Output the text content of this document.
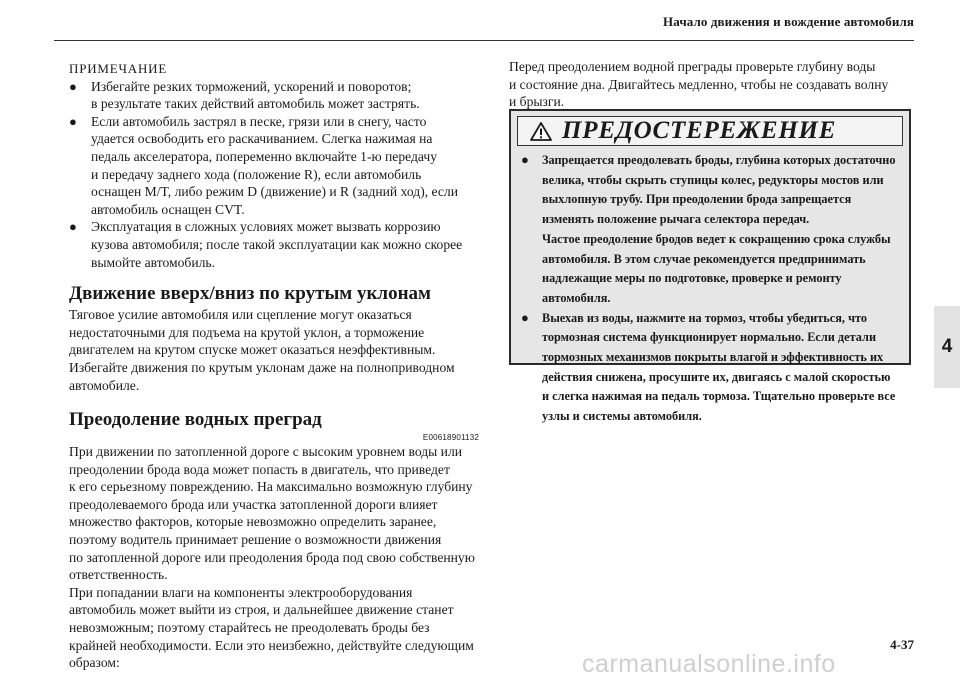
Начало движения и вождение автомобиля
4
ПРИМЕЧАНИЕ
● Избегайте резких торможений, ускорений и поворотов;
в результате таких действий автомобиль может застрять.
● Если автомобиль застрял в песке, грязи или в снегу, часто
удается освободить его раскачиванием. Слегка нажимая на
педаль акселератора, попеременно включайте 1-ю передачу
и передачу заднего хода (положение R), если автомобиль
оснащен M/T, либо режим D (движение) и R (задний ход), если
автомобиль оснащен CVT.
● Эксплуатация в сложных условиях может вызвать коррозию
кузова автомобиля; после такой эксплуатации как можно скорее
вымойте автомобиль.
Движение вверх/вниз по крутым уклонам
Тяговое усилие автомобиля или сцепление могут оказаться
недостаточными для подъема на крутой уклон, а торможение
двигателем на крутом спуске может оказаться неэффективным.
Избегайте движения по крутым уклонам даже на полноприводном
автомобиле.
Преодоление водных преград
E00618901132
При движении по затопленной дороге с высоким уровнем воды или
преодолении брода вода может попасть в двигатель, что приведет
к его серьезному повреждению. На максимально возможную глубину
преодолеваемого брода или участка затопленной дороги влияет
множество факторов, которые невозможно определить заранее,
поэтому водитель принимает решение о возможности движения
по затопленной дороге или преодоления брода под свою собственную
ответственность.
При попадании влаги на компоненты электрооборудования
автомобиль может выйти из строя, и дальнейшее движение станет
невозможным; поэтому старайтесь не преодолевать броды без
крайней необходимости. Если это неизбежно, действуйте следующим
образом:
Перед преодолением водной преграды проверьте глубину воды
и состояние дна. Двигайтесь медленно, чтобы не создавать волну
и брызги.
ПРЕДОСТЕРЕЖЕНИЕ
● Запрещается преодолевать броды, глубина которых достаточно
велика, чтобы скрыть ступицы колес, редукторы мостов или
выхлопную трубу. При преодолении брода запрещается
изменять положение рычага селектора передач.
Частое преодоление бродов ведет к сокращению срока службы
автомобиля. В этом случае рекомендуется предпринимать
надлежащие меры по подготовке, проверке и ремонту
автомобиля.
● Выехав из воды, нажмите на тормоз, чтобы убедиться, что
тормозная система функционирует нормально. Если детали
тормозных механизмов покрыты влагой и эффективность их
действия снижена, просушите их, двигаясь с малой скоростью
и слегка нажимая на педаль тормоза. Тщательно проверьте все
узлы и системы автомобиля.
4-37
carmanualsonline.info
